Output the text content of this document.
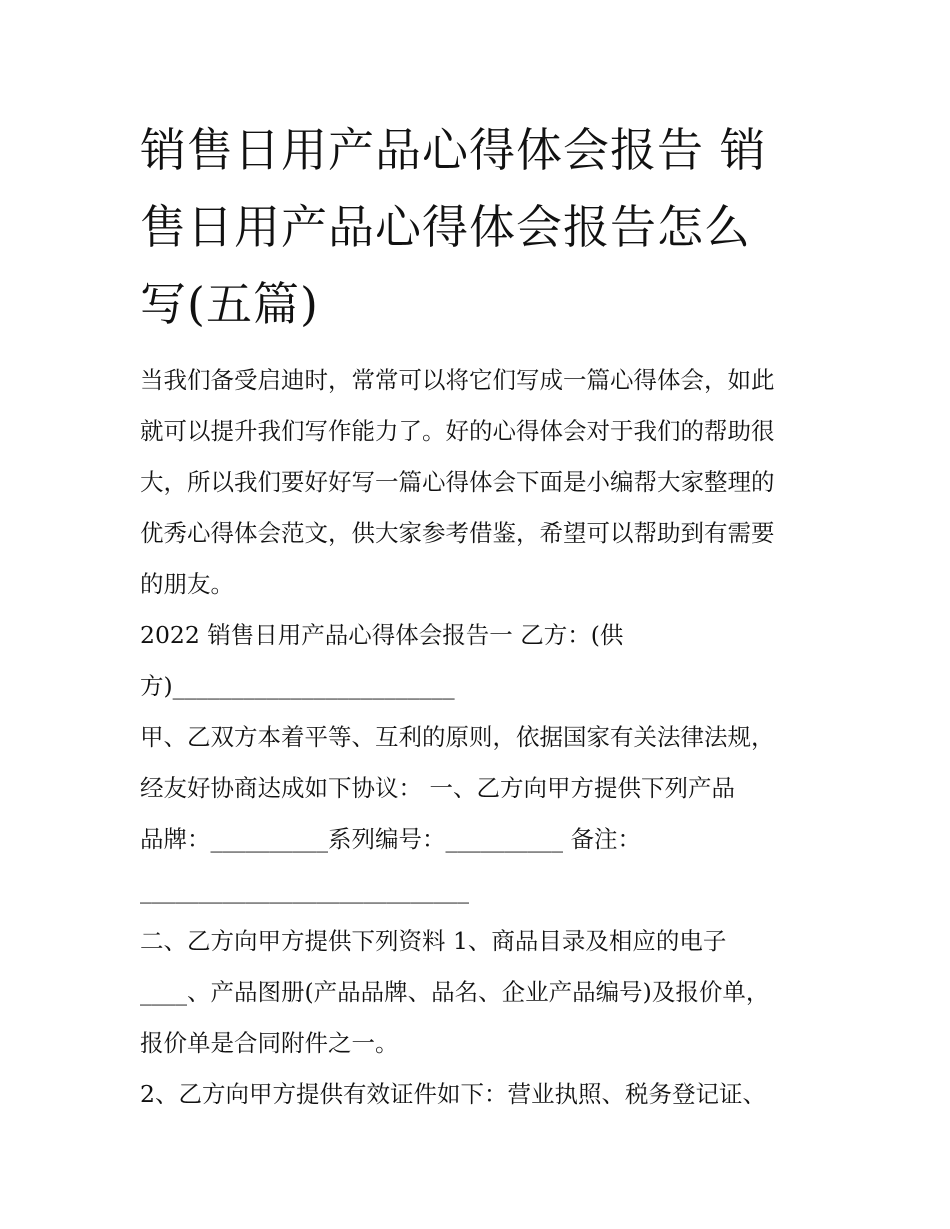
销售日用产品心得体会报告 销
售日用产品心得体会报告怎么
写(五篇)

当我们备受启迪时，常常可以将它们写成一篇心得体会，如此
就可以提升我们写作能力了。好的心得体会对于我们的帮助很
大，所以我们要好好写一篇心得体会下面是小编帮大家整理的
优秀心得体会范文，供大家参考借鉴，希望可以帮助到有需要
的朋友。

2022 销售日用产品心得体会报告一 乙方：(供
方)________________________

甲、乙双方本着平等、互利的原则，依据国家有关法律法规，
经友好协商达成如下协议： 一、乙方向甲方提供下列产品
品牌：__________系列编号：__________ 备注：
____________________________

二、乙方向甲方提供下列资料 1、商品目录及相应的电子
____、产品图册(产品品牌、品名、企业产品编号)及报价单，
报价单是合同附件之一。

2、乙方向甲方提供有效证件如下：营业执照、税务登记证、
